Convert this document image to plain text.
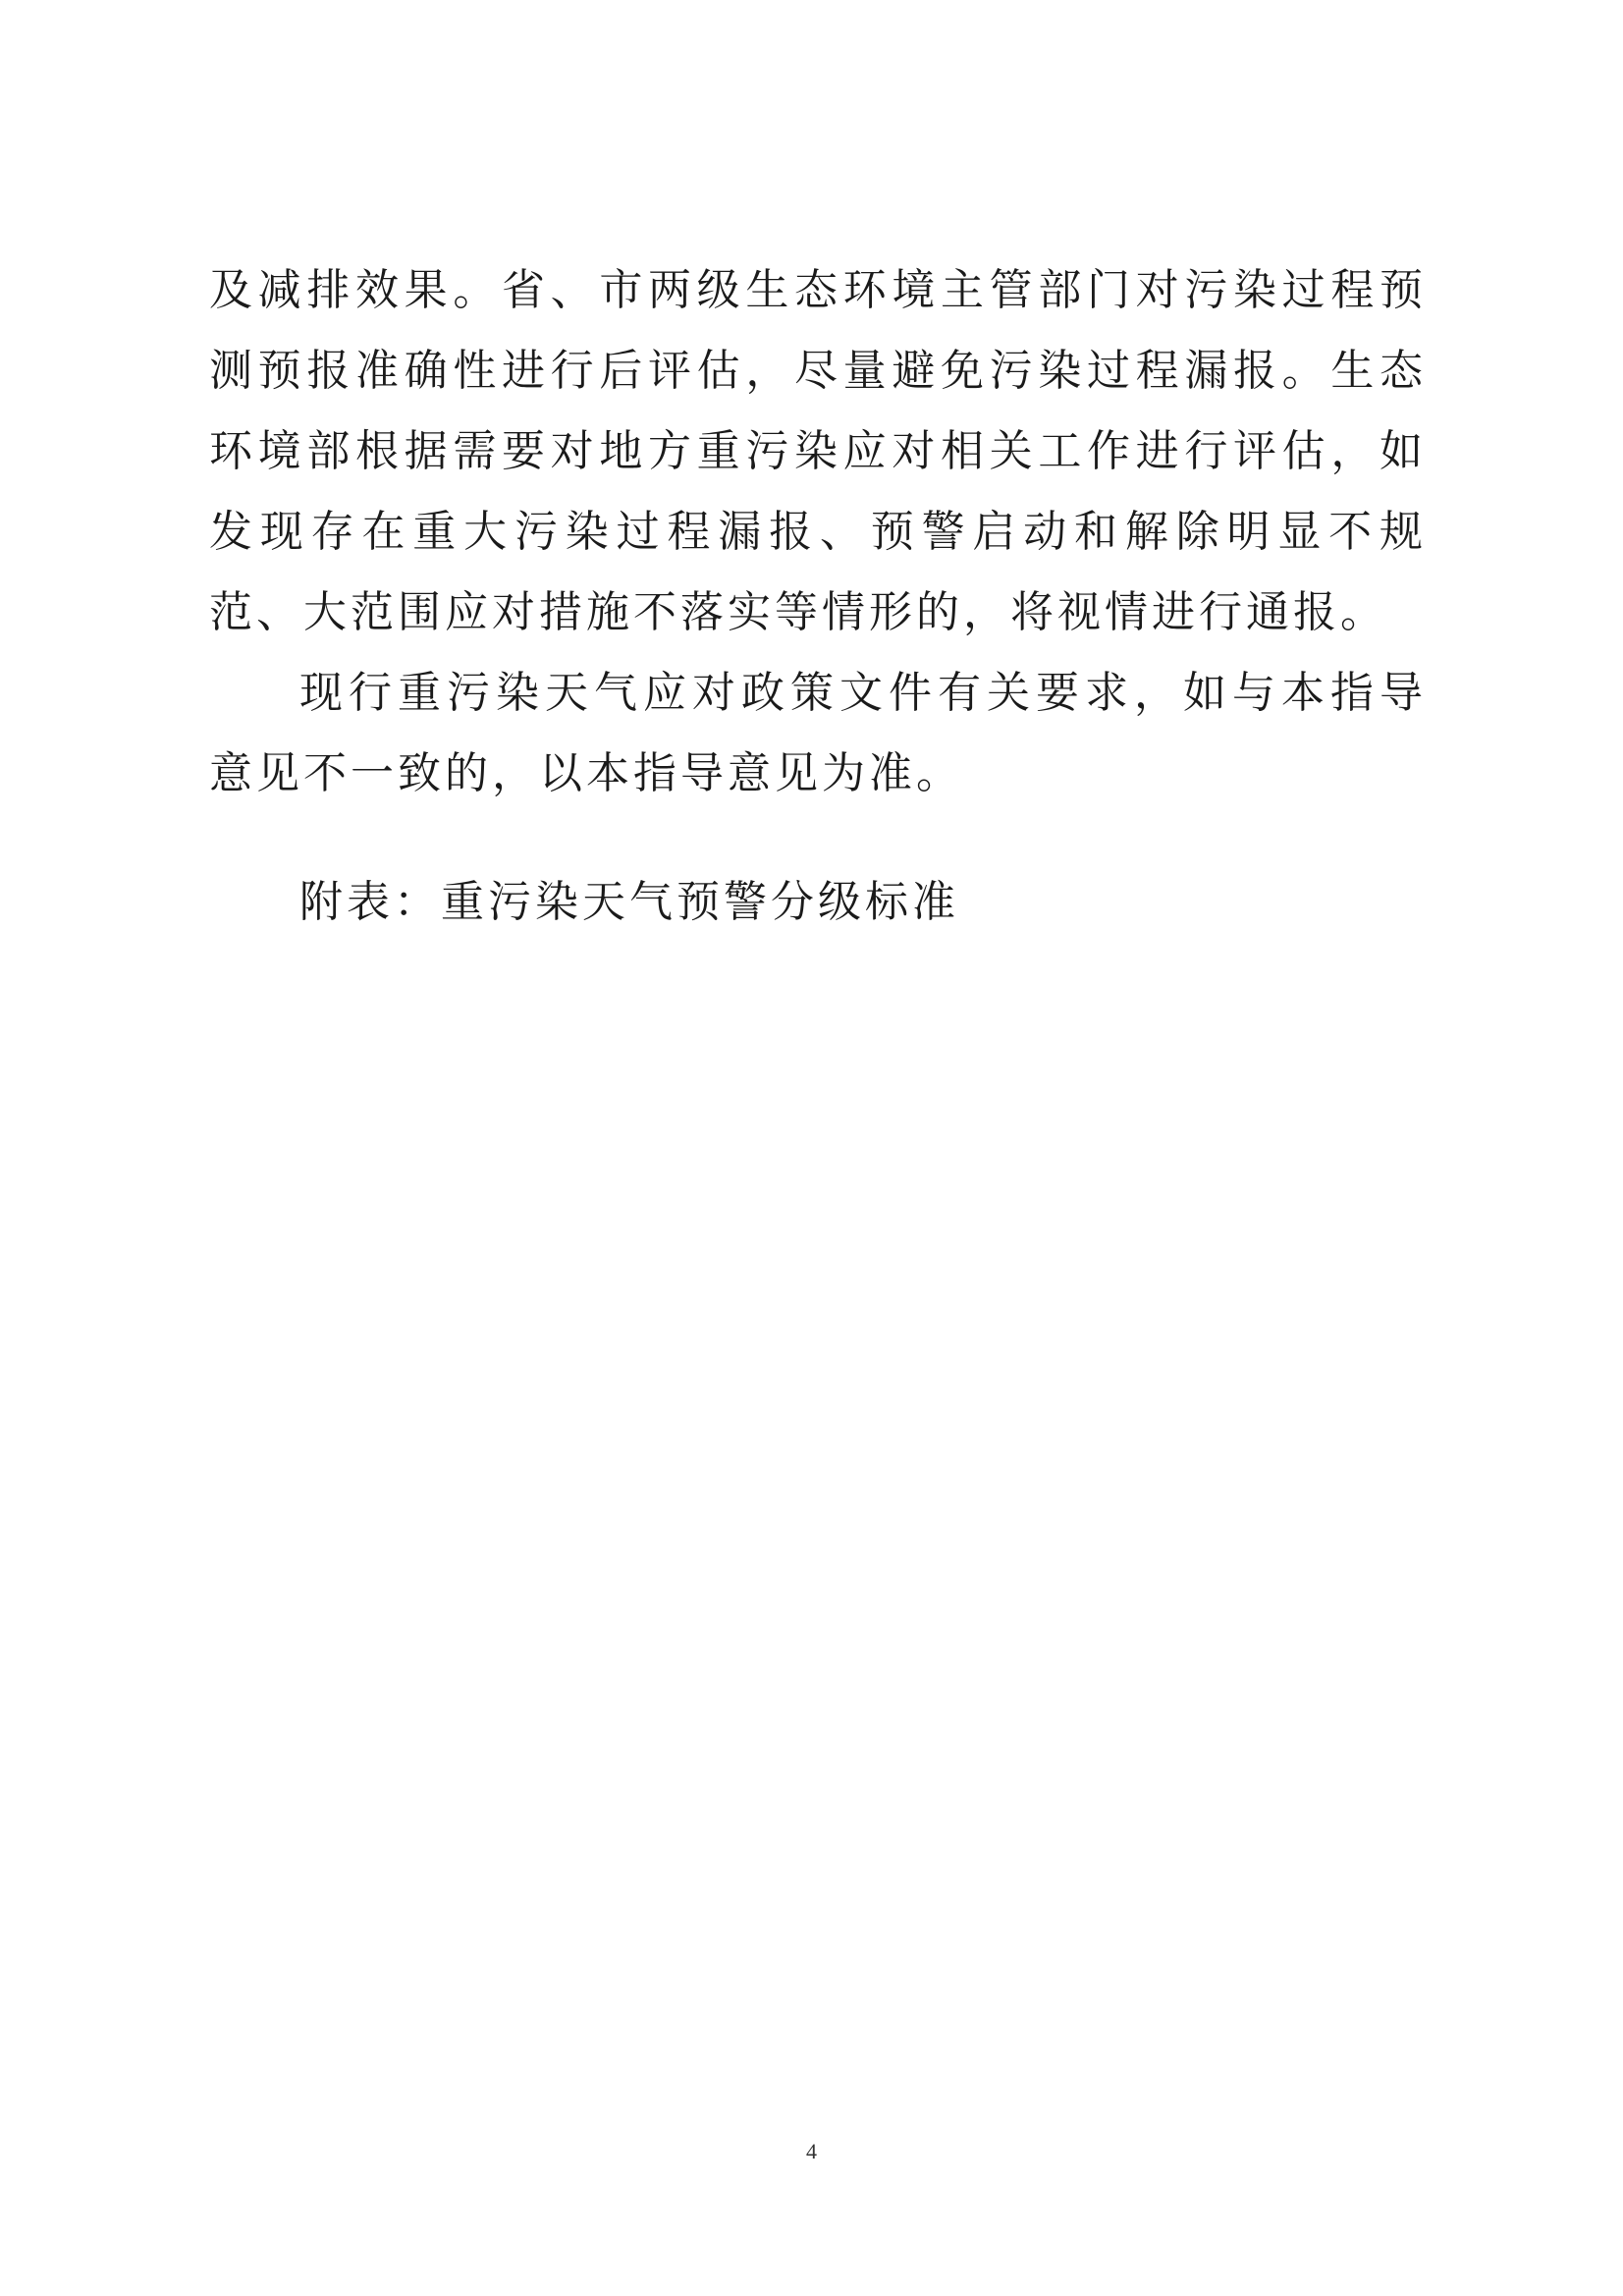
及减排效果。省、市两级生态环境主管部门对污染过程预测预报准确性进行后评估，尽量避免污染过程漏报。生态环境部根据需要对地方重污染应对相关工作进行评估，如发现存在重大污染过程漏报、预警启动和解除明显不规范、大范围应对措施不落实等情形的，将视情进行通报。

现行重污染天气应对政策文件有关要求，如与本指导意见不一致的，以本指导意见为准。

附表：重污染天气预警分级标准
4
